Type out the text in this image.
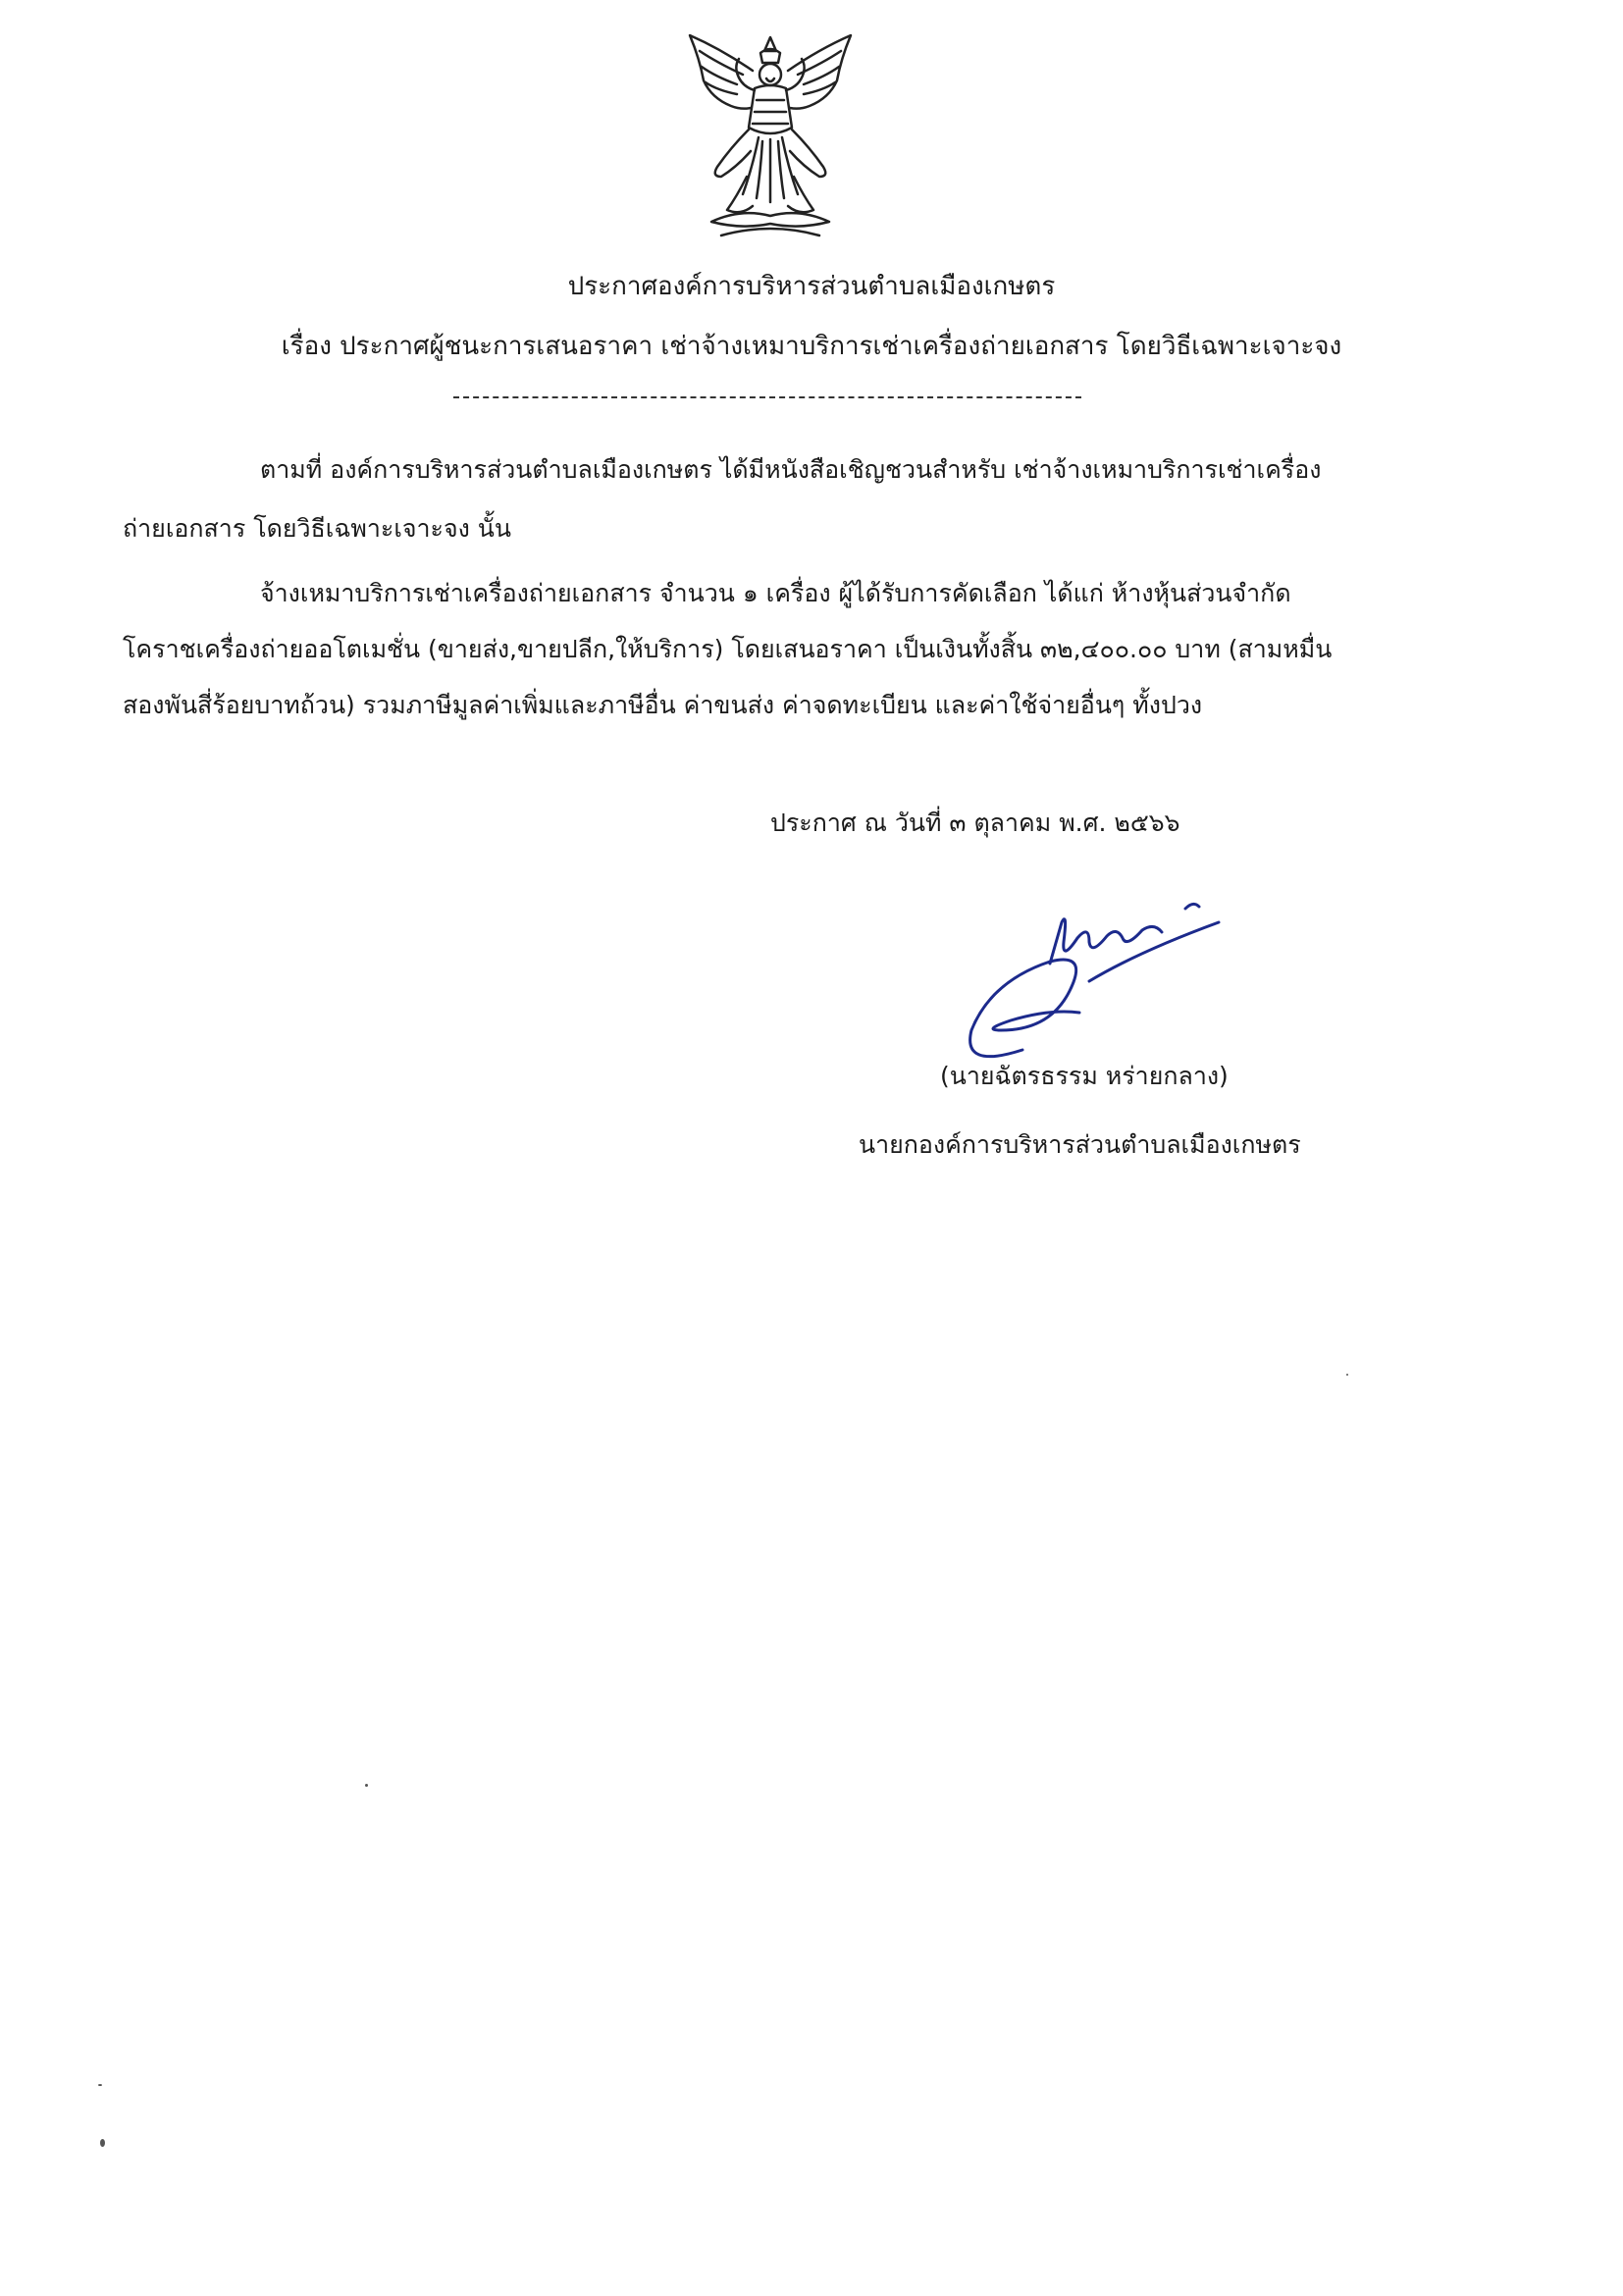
ประกาศองค์การบริหารส่วนตำบลเมืองเกษตร
เรื่อง ประกาศผู้ชนะการเสนอราคา เช่าจ้างเหมาบริการเช่าเครื่องถ่ายเอกสาร โดยวิธีเฉพาะเจาะจง
ตามที่ องค์การบริหารส่วนตำบลเมืองเกษตร ได้มีหนังสือเชิญชวนสำหรับ เช่าจ้างเหมาบริการเช่าเครื่อง
ถ่ายเอกสาร โดยวิธีเฉพาะเจาะจง นั้น
จ้างเหมาบริการเช่าเครื่องถ่ายเอกสาร จำนวน ๑ เครื่อง ผู้ได้รับการคัดเลือก ได้แก่ ห้างหุ้นส่วนจำกัด
โคราชเครื่องถ่ายออโตเมชั่น (ขายส่ง,ขายปลีก,ให้บริการ) โดยเสนอราคา เป็นเงินทั้งสิ้น ๓๒,๔๐๐.๐๐ บาท (สามหมื่น
สองพันสี่ร้อยบาทถ้วน) รวมภาษีมูลค่าเพิ่มและภาษีอื่น ค่าขนส่ง ค่าจดทะเบียน และค่าใช้จ่ายอื่นๆ ทั้งปวง
ประกาศ ณ วันที่ ๓ ตุลาคม พ.ศ. ๒๕๖๖
(นายฉัตรธรรม หร่ายกลาง)
นายกองค์การบริหารส่วนตำบลเมืองเกษตร
